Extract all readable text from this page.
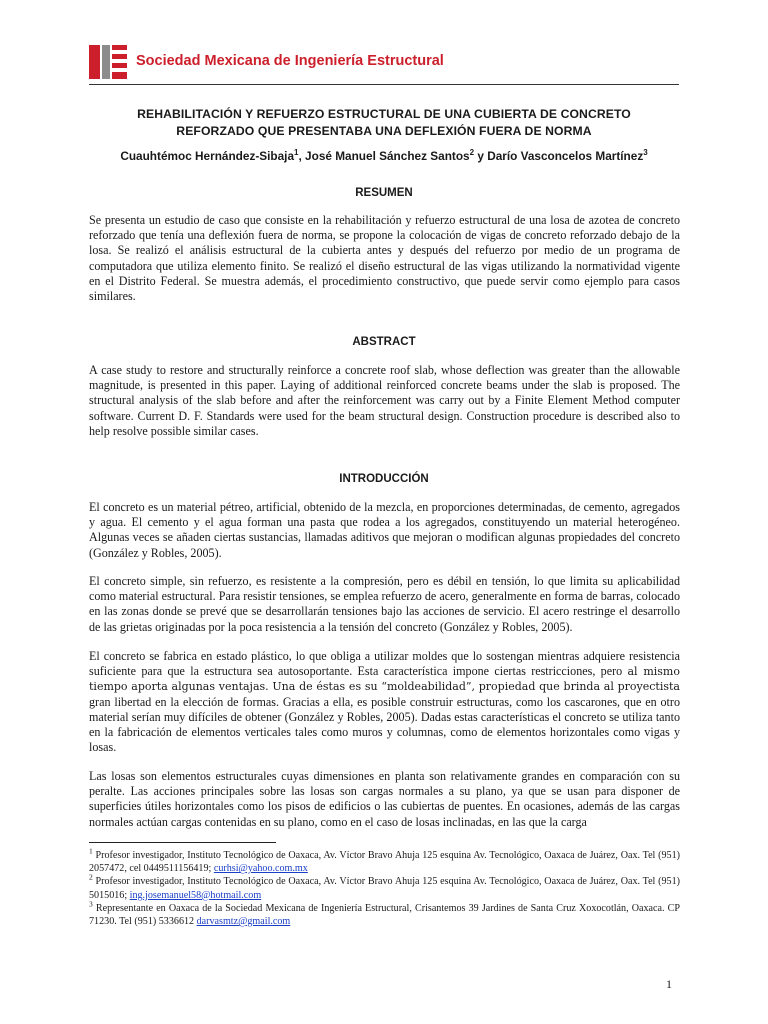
Sociedad Mexicana de Ingeniería Estructural
REHABILITACIÓN Y REFUERZO ESTRUCTURAL DE UNA CUBIERTA DE CONCRETO
REFORZADO QUE PRESENTABA UNA DEFLEXIÓN FUERA DE NORMA
Cuauhtémoc Hernández-Sibaja$^1$, José Manuel Sánchez Santos$^2$ y Darío Vasconcelos Martínez$^3$
RESUMEN

Se presenta un estudio de caso que consiste en la rehabilitación y refuerzo estructural de una losa de azotea de concreto reforzado que tenía una deflexión fuera de norma, se propone la colocación de vigas de concreto reforzado debajo de la losa. Se realizó el análisis estructural de la cubierta antes y después del refuerzo por medio de un programa de computadora que utiliza elemento finito. Se realizó el diseño estructural de las vigas utilizando la normatividad vigente en el Distrito Federal. Se muestra además, el procedimiento constructivo, que puede servir como ejemplo para casos similares.

ABSTRACT

A case study to restore and structurally reinforce a concrete roof slab, whose deflection was greater than the allowable magnitude, is presented in this paper. Laying of additional reinforced concrete beams under the slab is proposed. The structural analysis of the slab before and after the reinforcement was carry out by a Finite Element Method computer software. Current D. F. Standards were used for the beam structural design. Construction procedure is described also to help resolve possible similar cases.

INTRODUCCIÓN

El concreto es un material pétreo, artificial, obtenido de la mezcla, en proporciones determinadas, de cemento, agregados y agua. El cemento y el agua forman una pasta que rodea a los agregados, constituyendo un material heterogéneo. Algunas veces se añaden ciertas sustancias, llamadas aditivos que mejoran o modifican algunas propiedades del concreto (González y Robles, 2005).

El concreto simple, sin refuerzo, es resistente a la compresión, pero es débil en tensión, lo que limita su aplicabilidad como material estructural. Para resistir tensiones, se emplea refuerzo de acero, generalmente en forma de barras, colocado en las zonas donde se prevé que se desarrollarán tensiones bajo las acciones de servicio. El acero restringe el desarrollo de las grietas originadas por la poca resistencia a la tensión del concreto (González y Robles, 2005).

El concreto se fabrica en estado plástico, lo que obliga a utilizar moldes que lo sostengan mientras adquiere resistencia suficiente para que la estructura sea autosoportante. Esta característica impone ciertas restricciones, pero al mismo tiempo aporta algunas ventajas. Una de éstas es su “moldeabilidad”, propiedad que brinda al proyectista gran libertad en la elección de formas. Gracias a ella, es posible construir estructuras, como los cascarones, que en otro material serían muy difíciles de obtener (González y Robles, 2005). Dadas estas características el concreto se utiliza tanto en la fabricación de elementos verticales tales como muros y columnas, como de elementos horizontales como vigas y losas.

Las losas son elementos estructurales cuyas dimensiones en planta son relativamente grandes en comparación con su peralte. Las acciones principales sobre las losas son cargas normales a su plano, ya que se usan para disponer de superficies útiles horizontales como los pisos de edificios o las cubiertas de puentes. En ocasiones, además de las cargas normales actúan cargas contenidas en su plano, como en el caso de losas inclinadas, en las que la carga

$^1$ Profesor investigador, Instituto Tecnológico de Oaxaca, Av. Víctor Bravo Ahuja 125 esquina Av. Tecnológico, Oaxaca de Juárez, Oax. Tel (951) 2057472, cel 0449511156419; curhsi@yahoo.com.mx

$^2$ Profesor investigador, Instituto Tecnológico de Oaxaca, Av. Víctor Bravo Ahuja 125 esquina Av. Tecnológico, Oaxaca de Juárez, Oax. Tel (951) 5015016; ing.josemanuel58@hotmail.com

$^3$ Representante en Oaxaca de la Sociedad Mexicana de Ingeniería Estructural, Crisantemos 39 Jardines de Santa Cruz Xoxocotlán, Oaxaca. CP 71230. Tel (951) 5336612 darvasmtz@gmail.com

1
